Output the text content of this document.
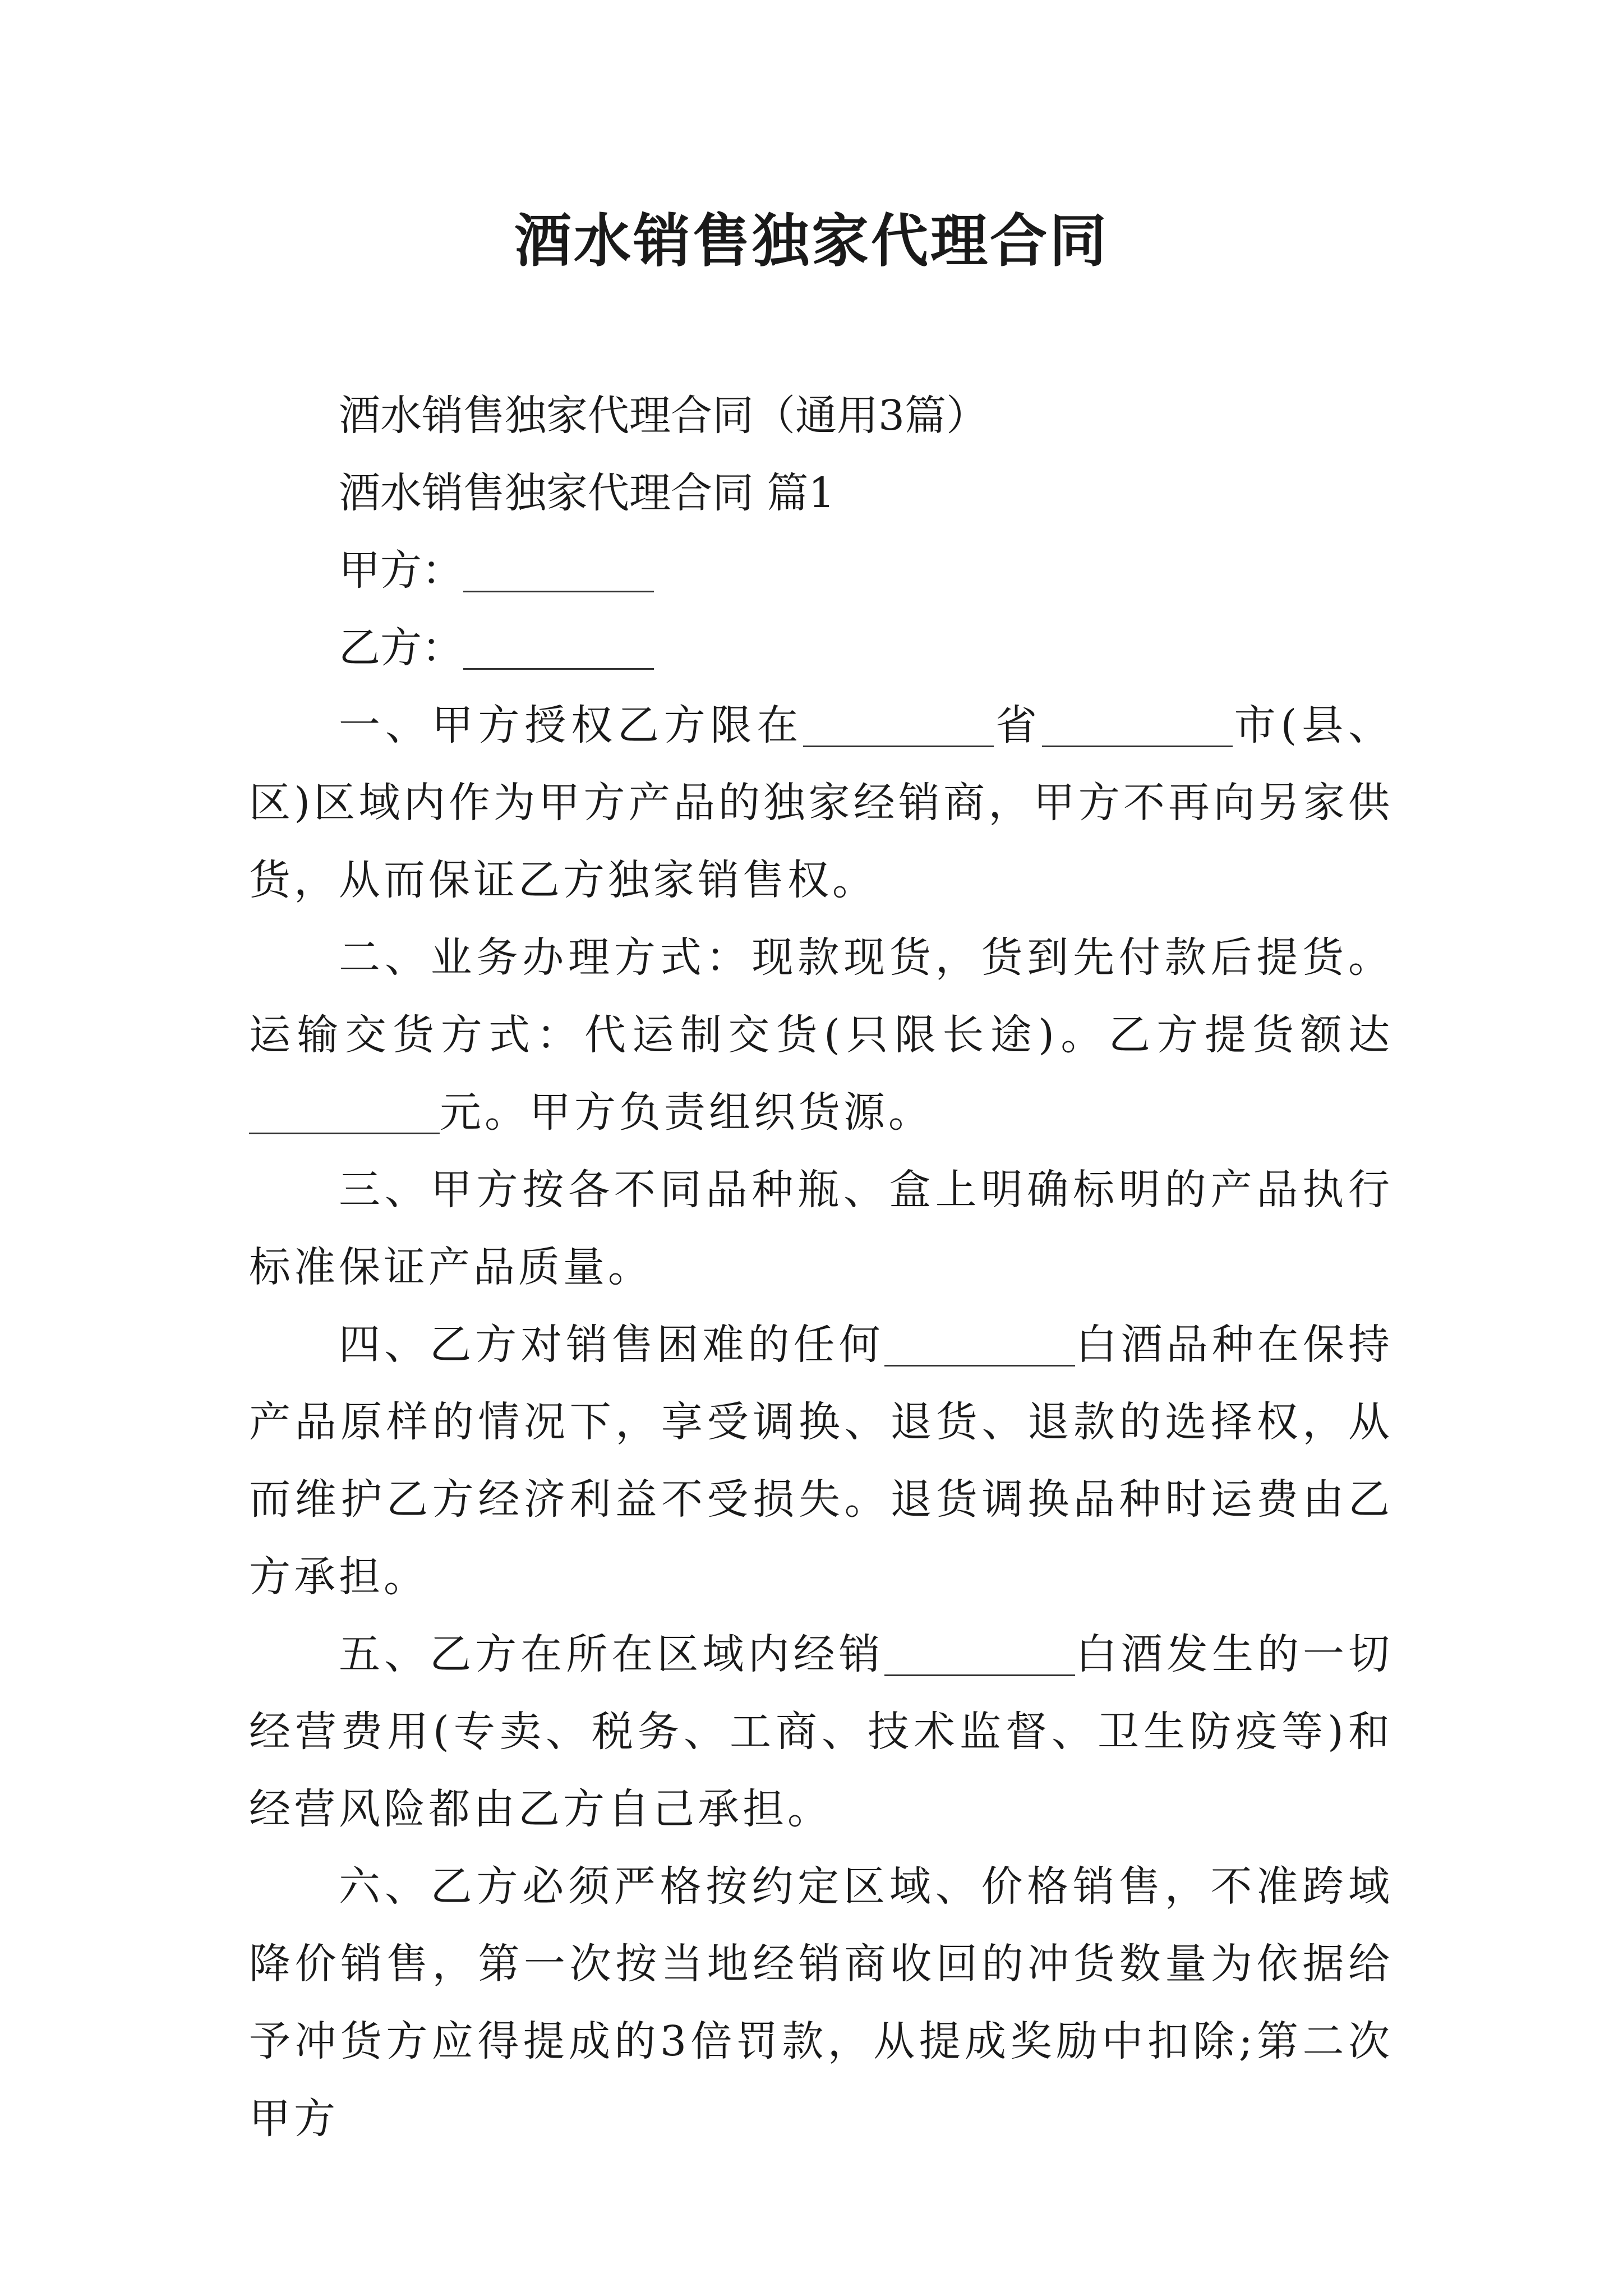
酒水销售独家代理合同

酒水销售独家代理合同（通用3篇）

酒水销售独家代理合同 篇1

甲方：

乙方：

一、甲方授权乙方限在	省	市(县、区)区域内作为甲方产品的独家经销商，甲方不再向另家供货，从而保证乙方独家销售权。

二、业务办理方式：现款现货，货到先付款后提货。运输交货方式：代运制交货(只限长途)。乙方提货额达元。甲方负责组织货源。

三、甲方按各不同品种瓶、盒上明确标明的产品执行标准保证产品质量。

四、乙方对销售困难的任何	白酒品种在保持产品原样的情况下，享受调换、退货、退款的选择权，从而维护乙方经济利益不受损失。退货调换品种时运费由乙方承担。

五、乙方在所在区域内经销	白酒发生的一切经营费用(专卖、税务、工商、技术监督、卫生防疫等)和经营风险都由乙方自己承担。

六、乙方必须严格按约定区域、价格销售，不准跨域降价销售，第一次按当地经销商收回的冲货数量为依据给予冲货方应得提成的3倍罚款，从提成奖励中扣除;第二次甲方
